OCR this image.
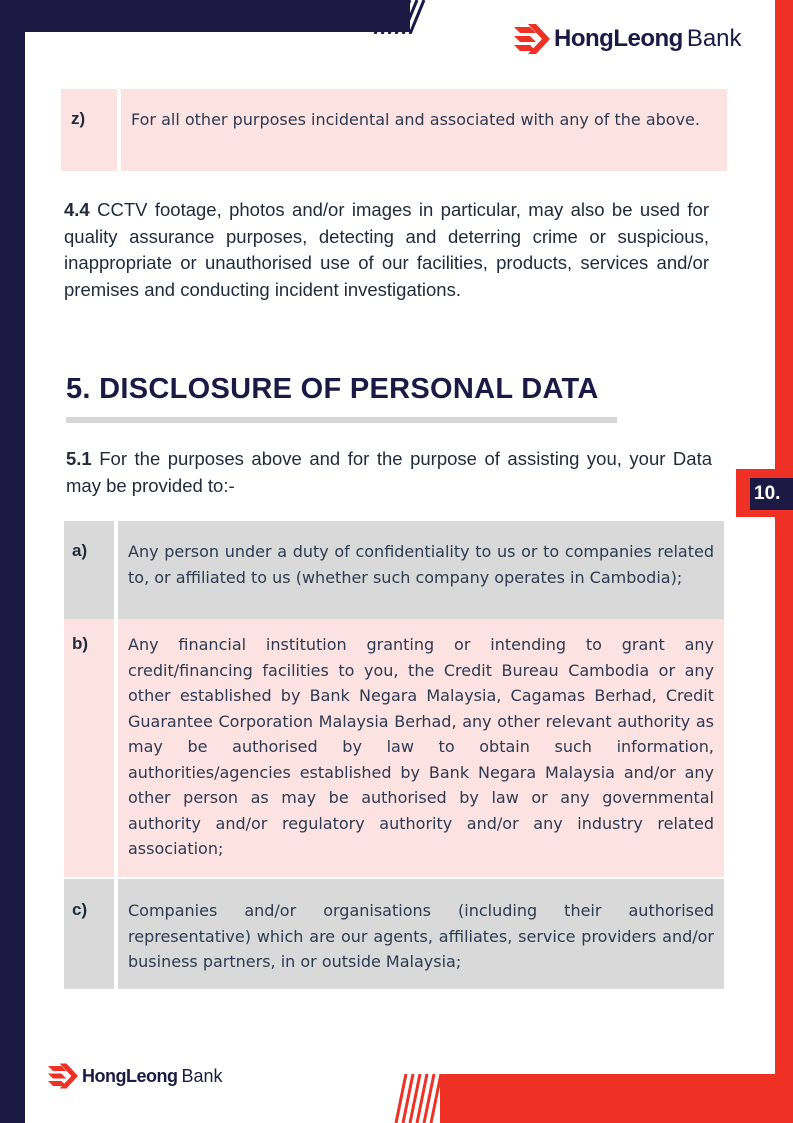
HongLeong Bank
10.
z)		For all other purposes incidental and associated with any of the above.
4.4 CCTV footage, photos and/or images in particular, may also be used for quality assurance purposes, detecting and deterring crime or suspicious, inappropriate or unauthorised use of our facilities, products, services and/or premises and conducting incident investigations.
5. DISCLOSURE OF PERSONAL DATA
5.1 For the purposes above and for the purpose of assisting you, your Data may be provided to:-
a)		Any person under a duty of confidentiality to us or to companies related to, or affiliated to us (whether such company operates in Cambodia);
b)		Any financial institution granting or intending to grant any credit/financing facilities to you, the Credit Bureau Cambodia or any other established by Bank Negara Malaysia, Cagamas Berhad, Credit Guarantee Corporation Malaysia Berhad, any other relevant authority as may be authorised by law to obtain such information, authorities/agencies established by Bank Negara Malaysia and/or any other person as may be authorised by law or any governmental authority and/or regulatory authority and/or any industry related association;

c)		Companies and/or organisations (including their authorised representative) which are our agents, affiliates, service providers and/or business partners, in or outside Malaysia;
HongLeong Bank
